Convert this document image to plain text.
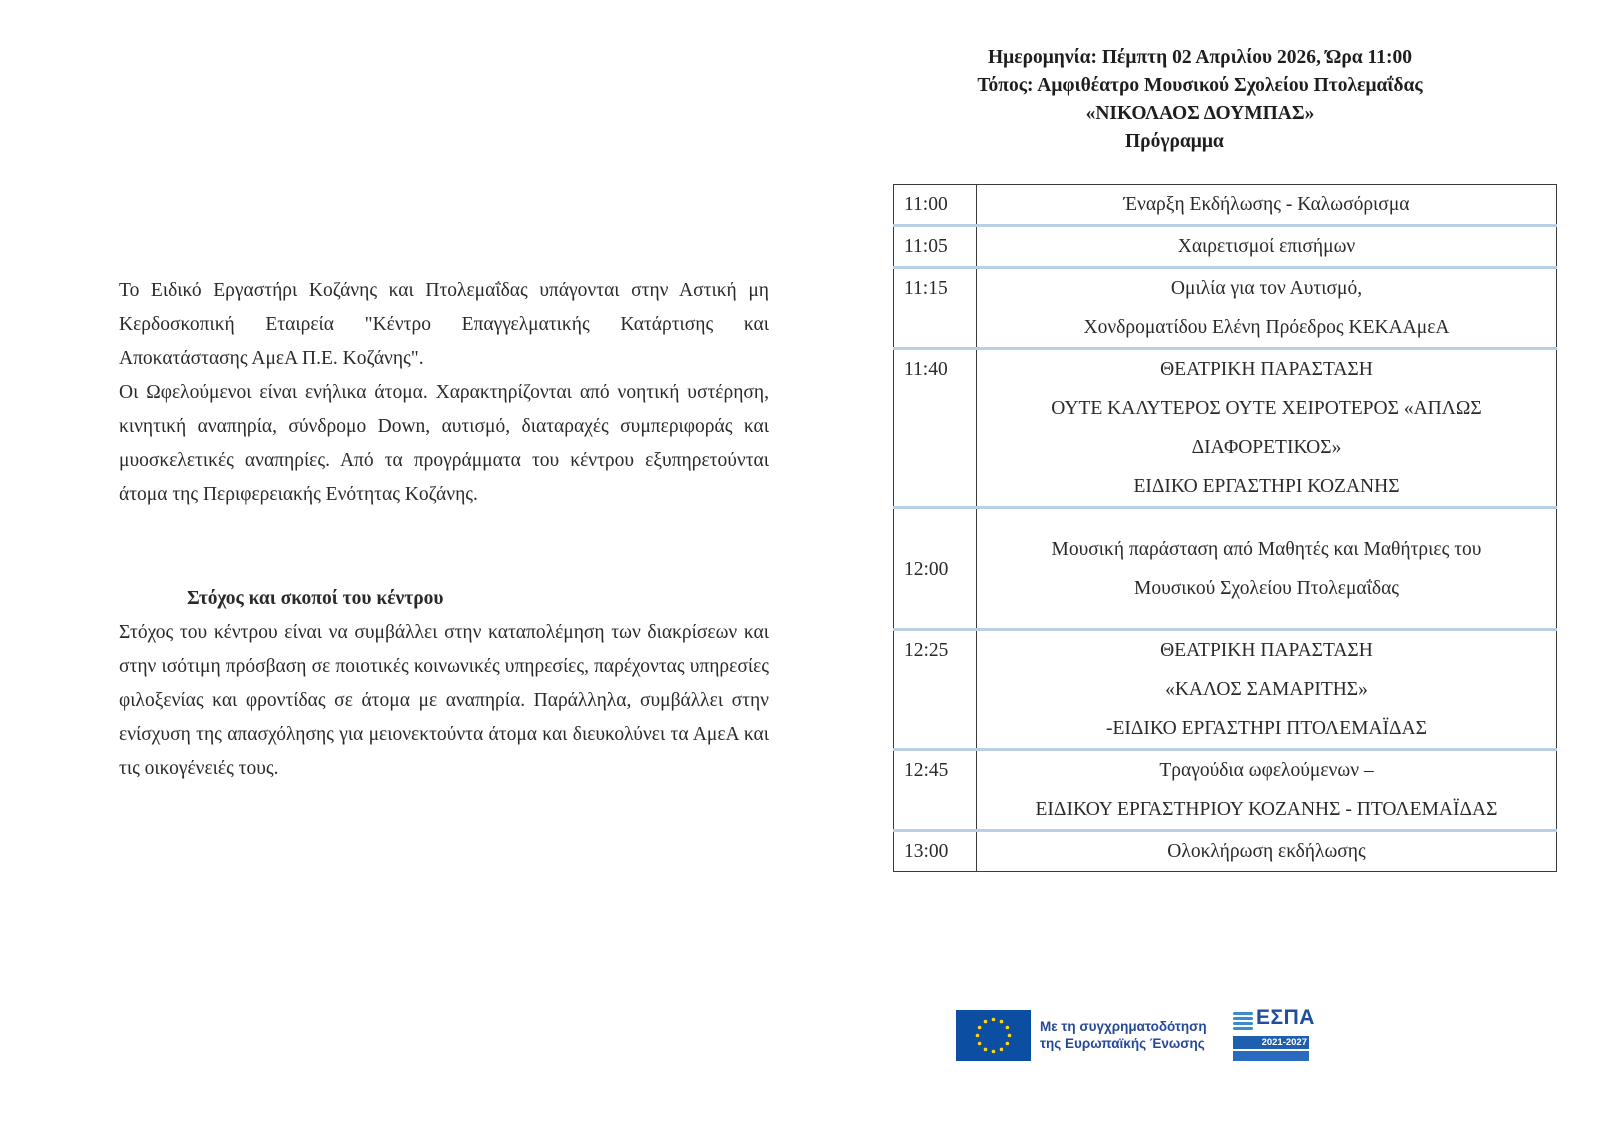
Το Ειδικό Εργαστήρι Κοζάνης και Πτολεμαΐδας υπάγονται στην Αστική μη Κερδοσκοπική Εταιρεία "Κέντρο Επαγγελματικής Κατάρτισης και Αποκατάστασης ΑμεΑ Π.Ε. Κοζάνης".

Οι Ωφελούμενοι είναι ενήλικα άτομα. Χαρακτηρίζονται από νοητική υστέρηση, κινητική αναπηρία, σύνδρομο Down, αυτισμό, διαταραχές συμπεριφοράς και μυοσκελετικές αναπηρίες. Από τα προγράμματα του κέντρου εξυπηρετούνται άτομα της Περιφερειακής Ενότητας Κοζάνης.

Στόχος και σκοποί του κέντρου

Στόχος του κέντρου είναι να συμβάλλει στην καταπολέμηση των διακρίσεων και στην ισότιμη πρόσβαση σε ποιοτικές κοινωνικές υπηρεσίες, παρέχοντας υπηρεσίες φιλοξενίας και φροντίδας σε άτομα με αναπηρία. Παράλληλα, συμβάλλει στην ενίσχυση της απασχόλησης για μειονεκτούντα άτομα και διευκολύνει τα ΑμεΑ και τις οικογένειές τους.

Ημερομηνία: Πέμπτη 02 Απριλίου 2026, Ώρα 11:00
Τόπος: Αμφιθέατρο Μουσικού Σχολείου Πτολεμαΐδας
«ΝΙΚΟΛΑΟΣ ΔΟΥΜΠΑΣ»
Πρόγραμμα
11:00	Έναρξη Εκδήλωσης - Καλωσόρισμα

11:05	Χαιρετισμοί επισήμων

11:15	Ομιλία για τον Αυτισμό,
Χονδροματίδου Ελένη Πρόεδρος ΚΕΚΑΑμεΑ

11:40	ΘΕΑΤΡΙΚΗ ΠΑΡΑΣΤΑΣΗ
ΟΥΤΕ ΚΑΛΥΤΕΡΟΣ ΟΥΤΕ ΧΕΙΡΟΤΕΡΟΣ «ΑΠΛΩΣ
ΔΙΑΦΟΡΕΤΙΚΟΣ»
ΕΙΔΙΚΟ ΕΡΓΑΣΤΗΡΙ ΚΟΖΑΝΗΣ

12:00	Μουσική παράσταση από Μαθητές και Μαθήτριες του
Μουσικού Σχολείου Πτολεμαΐδας

12:25	ΘΕΑΤΡΙΚΗ ΠΑΡΑΣΤΑΣΗ
«ΚΑΛΟΣ ΣΑΜΑΡΙΤΗΣ»
-ΕΙΔΙΚΟ ΕΡΓΑΣΤΗΡΙ ΠΤΟΛΕΜΑΪΔΑΣ

12:45	Τραγούδια ωφελούμενων –
ΕΙΔΙΚΟΥ ΕΡΓΑΣΤΗΡΙΟΥ ΚΟΖΑΝΗΣ - ΠΤΟΛΕΜΑΪΔΑΣ

13:00	Ολοκλήρωση εκδήλωσης
Με τη συγχρηματοδότηση
της Ευρωπαϊκής Ένωσης
ΕΣΠΑ
2021-2027
